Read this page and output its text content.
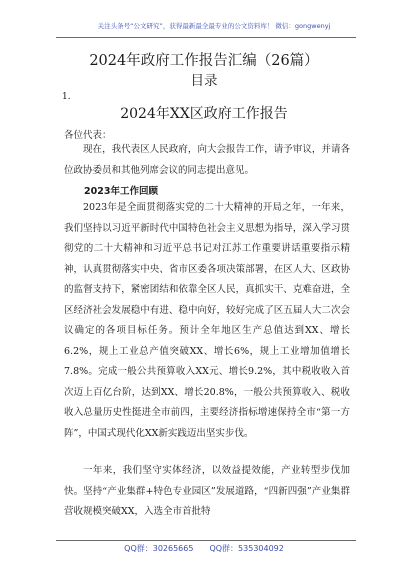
关注头条号“公文研究”，获得最新最全最专业的公文资料库！ 微信：gongwenyj
2024年政府工作报告汇编（26篇）
目录
1.
2024年XX区政府工作报告
各位代表：
现在，我代表区人民政府，向大会报告工作，请予审议，并请各位政协委员和其他列席会议的同志提出意见。
2023年工作回顾
2023年是全面贯彻落实党的二十大精神的开局之年，一年来，我们坚持以习近平新时代中国特色社会主义思想为指导，深入学习贯彻党的二十大精神和习近平总书记对江苏工作重要讲话重要指示精神，认真贯彻落实中央、省市区委各项决策部署，在区人大、区政协的监督支持下，紧密团结和依靠全区人民，真抓实干、克难奋进，全区经济社会发展稳中有进、稳中向好，较好完成了区五届人大二次会议确定的各项目标任务。预计全年地区生产总值达到XX、增长6.2%，规上工业总产值突破XX、增长6%，规上工业增加值增长7.8%。完成一般公共预算收入XX元、增长9.2%，其中税收收入首次迈上百亿台阶，达到XX、增长20.8%，一般公共预算收入、税收收入总量历史性挺进全市前四，主要经济指标增速保持全市“第一方阵”，中国式现代化XX新实践迈出坚实步伐。
一年来，我们坚守实体经济，以效益提效能，产业转型步伐加快。坚持“产业集群+特色专业园区”发展道路，“四新四强”产业集群营收规模突破XX，入选全市首批特
QQ群：30265665　　QQ群：535304092
